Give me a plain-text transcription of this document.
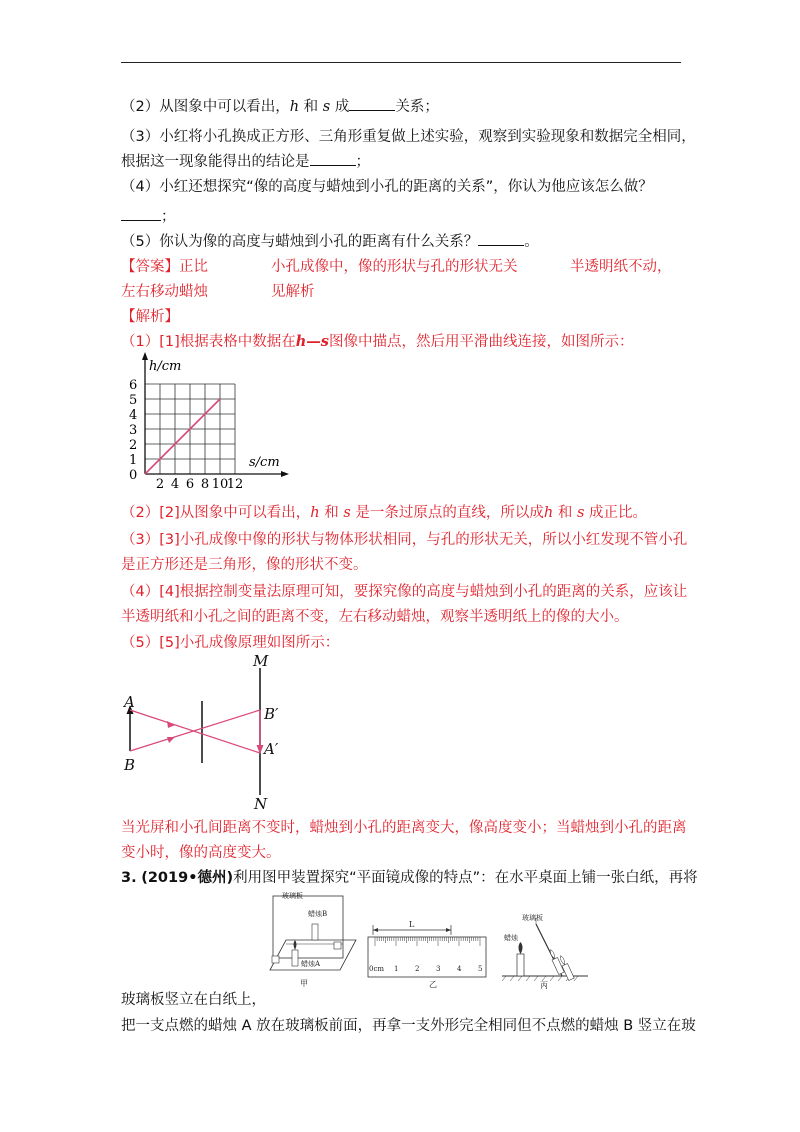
（2）从图象中可以看出，h 和 s 成	关系；
（3）小红将小孔换成正方形、三角形重复做上述实验，观察到实验现象和数据完全相同，
根据这一现象能得出的结论是	；
（4）小红还想探究“像的高度与蜡烛到小孔的距离的关系”，你认为他应该怎么做？
；
（5）你认为像的高度与蜡烛到小孔的距离有什么关系？	。
【答案】正比	小孔成像中，像的形状与孔的形状无关	半透明纸不动，
左右移动蜡烛	见解析
【解析】
（1）[1]根据表格中数据在h—s图像中描点，然后用平滑曲线连接，如图所示：
h/cm
s/cm
0
1
2
3
4
5
6
2 4 6 8 10
12
（2）[2]从图象中可以看出，h 和 s 是一条过原点的直线，所以成h 和 s 成正比。
（3）[3]小孔成像中像的形状与物体形状相同，与孔的形状无关，所以小红发现不管小孔
是正方形还是三角形，像的形状不变。
（4）[4]根据控制变量法原理可知，要探究像的高度与蜡烛到小孔的距离的关系，应该让
半透明纸和小孔之间的距离不变，左右移动蜡烛，观察半透明纸上的像的大小。
（5）[5]小孔成像原理如图所示：
M
N
A
B
B′
A′
当光屏和小孔间距离不变时，蜡烛到小孔的距离变大，像高度变小；当蜡烛到小孔的距离
变小时，像的高度变大。
3. (2019•德州)利用图甲装置探究“平面镜成像的特点”：在水平桌面上铺一张白纸，再将
玻璃板
蜡烛B
蜡烛A
甲
L
0cm 1 2 3 4 5
乙
玻璃板
蜡烛
丙
玻璃板竖立在白纸上，
把一支点燃的蜡烛 A 放在玻璃板前面，再拿一支外形完全相同但不点燃的蜡烛 B 竖立在玻
